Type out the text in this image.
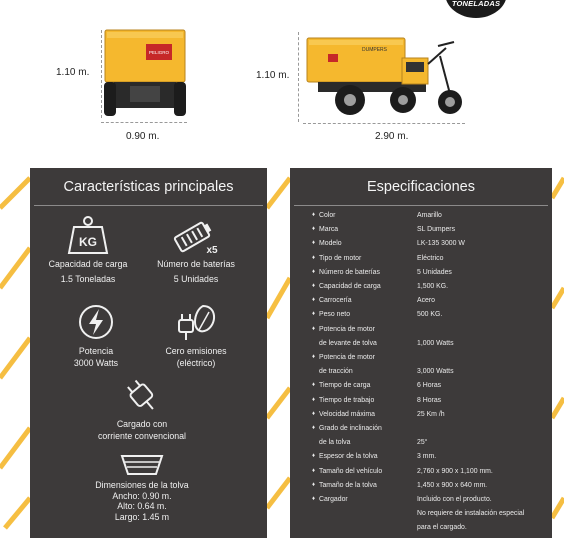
TONELADAS
1.10 m.
PELIGRO
0.90 m.
1.10 m.
DUMPERS
2.90 m.
Características principales
KG
Capacidad de carga
1.5 Toneladas
x5
Número de baterías
5 Unidades
Potencia
3000 Watts
Cero emisiones
(eléctrico)
Cargado con
corriente convencional
Dimensiones de la tolva
Ancho: 0.90 m.
Alto: 0.64 m.
Largo: 1.45 m
Especificaciones
♦ Color	Amarillo
♦ Marca	SL Dumpers
♦ Modelo	LK-135 3000 W
♦ Tipo de motor	Eléctrico
♦ Número de baterías	5 Unidades
♦ Capacidad de carga	1,500 KG.
♦ Carrocería	Acero
♦ Peso neto	500 KG.
♦ Potencia de motor
de levante de tolva	1,000 Watts
♦ Potencia de motor
de tracción	3,000 Watts
♦ Tiempo de carga	6 Horas
♦ Tiempo de trabajo	8 Horas
♦ Velocidad máxima	25 Km /h
♦ Grado de inclinación
de la tolva	25°
♦ Espesor de la tolva	3 mm.
♦ Tamaño del vehículo	2,760 x 900 x 1,100 mm.
♦ Tamaño de la tolva	1,450 x 900 x 640 mm.
♦ Cargador	Incluido con el producto.
No requiere de instalación especial
para el cargado.
